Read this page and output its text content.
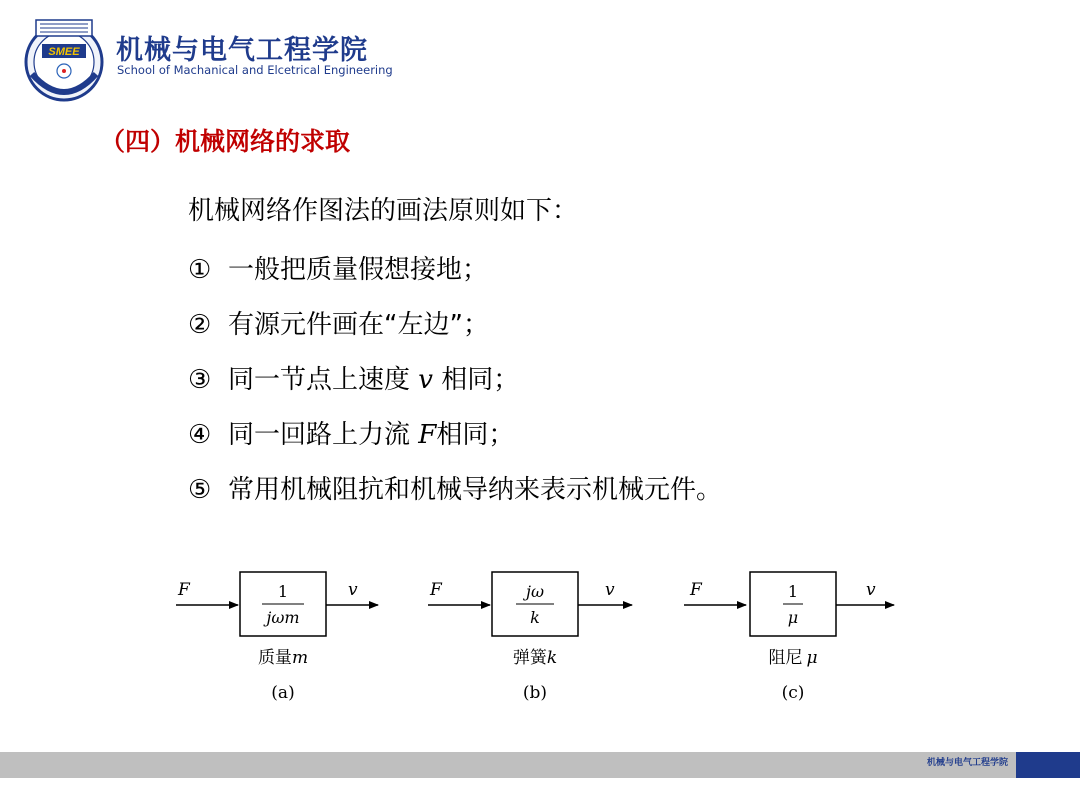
SMEE 机械与电气工程学院
School of Machanical and Elcetrical Engineering
（四）机械网络的求取
机械网络作图法的画法原则如下：
① 一般把质量假想接地；
② 有源元件画在“左边”；
③ 同一节点上速度 v 相同；
④ 同一回路上力流 F相同；
⑤ 常用机械阻抗和机械导纳来表示机械元件。
F	1
jωm
v
质量m
(a)
F	jω
k
v
弹簧k
(b)
F	1
μ
v
阻尼 μ
(c)
机械与电气工程学院
